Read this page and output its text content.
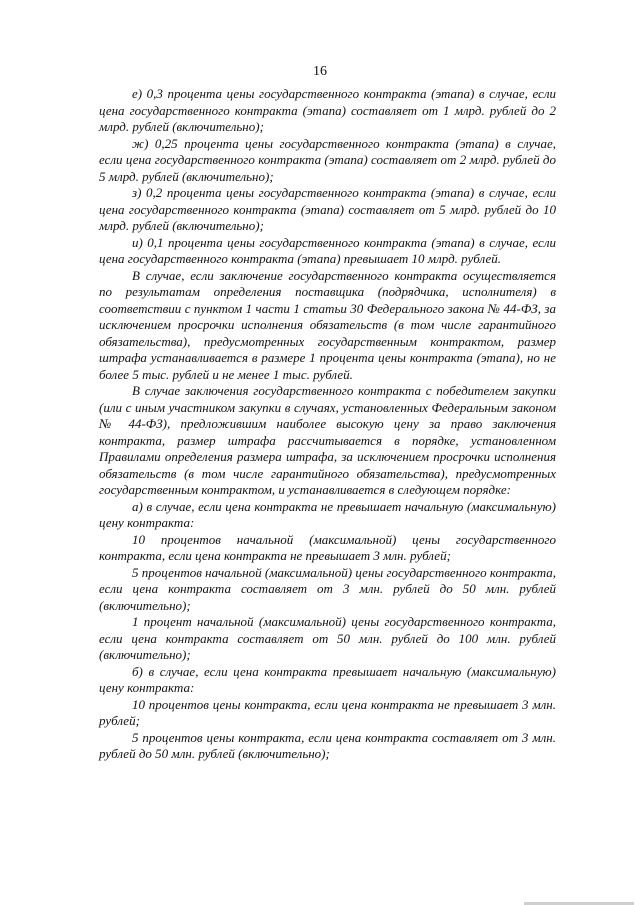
16

е) 0,3 процента цены государственного контракта (этапа) в случае, если цена государственного контракта (этапа) составляет от 1 млрд. рублей до 2 млрд. рублей (включительно);

ж) 0,25 процента цены государственного контракта (этапа) в случае, если цена государственного контракта (этапа) составляет от 2 млрд. рублей до 5 млрд. рублей (включительно);

з) 0,2 процента цены государственного контракта (этапа) в случае, если цена государственного контракта (этапа) составляет от 5 млрд. рублей до 10 млрд. рублей (включительно);

и) 0,1 процента цены государственного контракта (этапа) в случае, если цена государственного контракта (этапа) превышает 10 млрд. рублей.

В случае, если заключение государственного контракта осуществляется по результатам определения поставщика (подрядчика, исполнителя) в соответствии с пунктом 1 части 1 статьи 30 Федерального закона № 44-ФЗ, за исключением просрочки исполнения обязательств (в том числе гарантийного обязательства), предусмотренных государственным контрактом, размер штрафа устанавливается в размере 1 процента цены контракта (этапа), но не более 5 тыс. рублей и не менее 1 тыс. рублей.

В случае заключения государственного контракта с победителем закупки (или с иным участником закупки в случаях, установленных Федеральным законом № 44-ФЗ), предложившим наиболее высокую цену за право заключения контракта, размер штрафа рассчитывается в порядке, установленном Правилами определения размера штрафа, за исключением просрочки исполнения обязательств (в том числе гарантийного обязательства), предусмотренных государственным контрактом, и устанавливается в следующем порядке:

а) в случае, если цена контракта не превышает начальную (максимальную) цену контракта:

10 процентов начальной (максимальной) цены государственного контракта, если цена контракта не превышает 3 млн. рублей;

5 процентов начальной (максимальной) цены государственного контракта, если цена контракта составляет от 3 млн. рублей до 50 млн. рублей (включительно);

1 процент начальной (максимальной) цены государственного контракта, если цена контракта составляет от 50 млн. рублей до 100 млн. рублей (включительно);

б) в случае, если цена контракта превышает начальную (максимальную) цену контракта:

10 процентов цены контракта, если цена контракта не превышает 3 млн. рублей;

5 процентов цены контракта, если цена контракта составляет от 3 млн. рублей до 50 млн. рублей (включительно);
